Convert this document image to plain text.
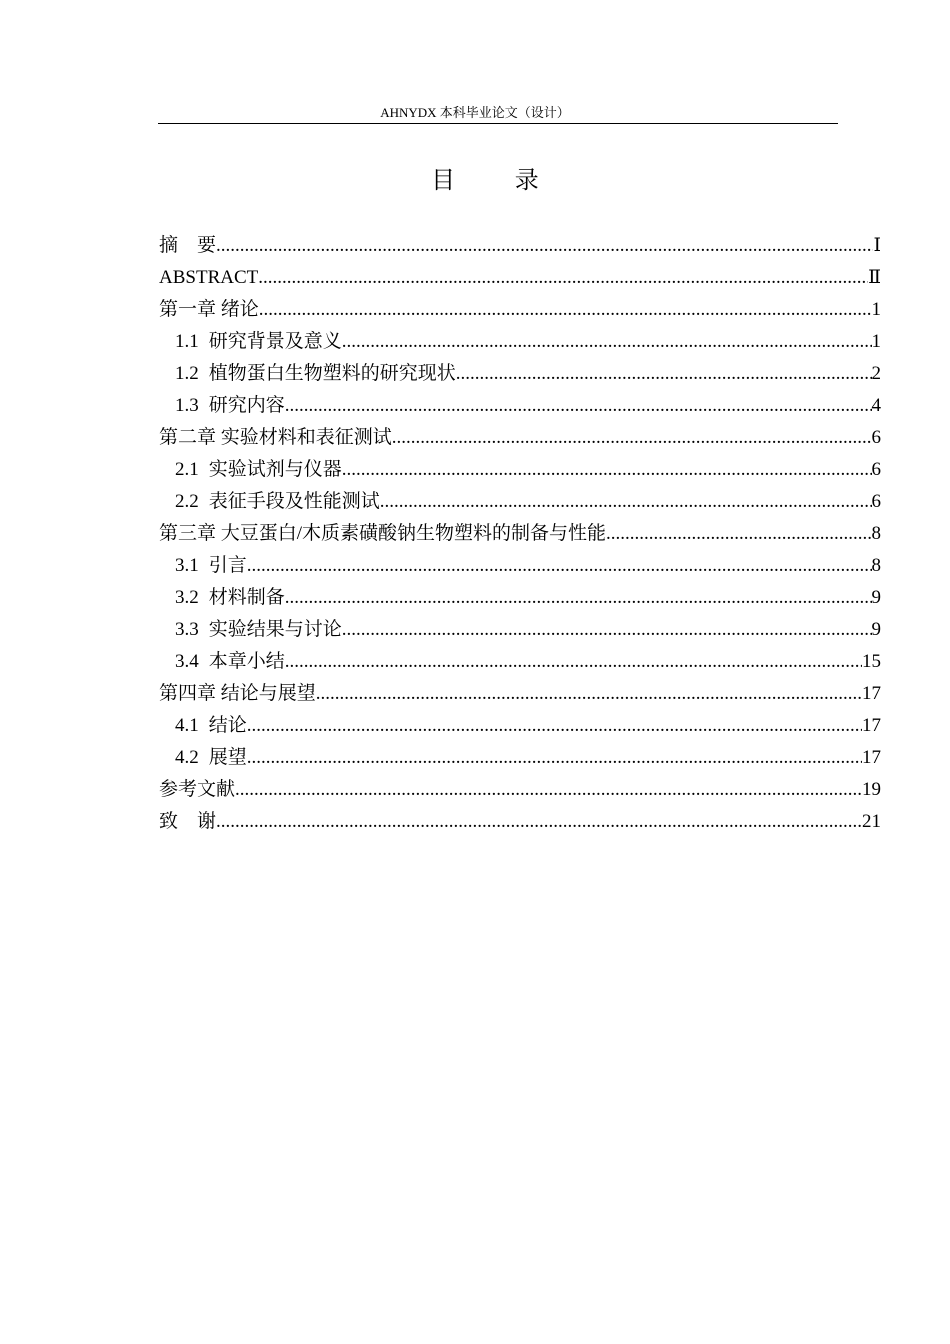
AHNYDX 本科毕业论文（设计）
目 录
摘　要 .....	Ⅰ
ABSTRACT .....	Ⅱ
第一章 绪论 .....	1
1.1 研究背景及意义 .....	1
1.2 植物蛋白生物塑料的研究现状 .....	2
1.3 研究内容 .....	4
第二章 实验材料和表征测试 .....	6
2.1 实验试剂与仪器 .....	6
2.2 表征手段及性能测试 .....	6
第三章 大豆蛋白/木质素磺酸钠生物塑料的制备与性能 .....	8
3.1 引言 .....	8
3.2 材料制备 .....	9
3.3 实验结果与讨论 .....	9
3.4 本章小结 .....	15
第四章 结论与展望 .....	17
4.1 结论 .....	17
4.2 展望 .....	17
参考文献 .....	19
致　谢 .....	21
